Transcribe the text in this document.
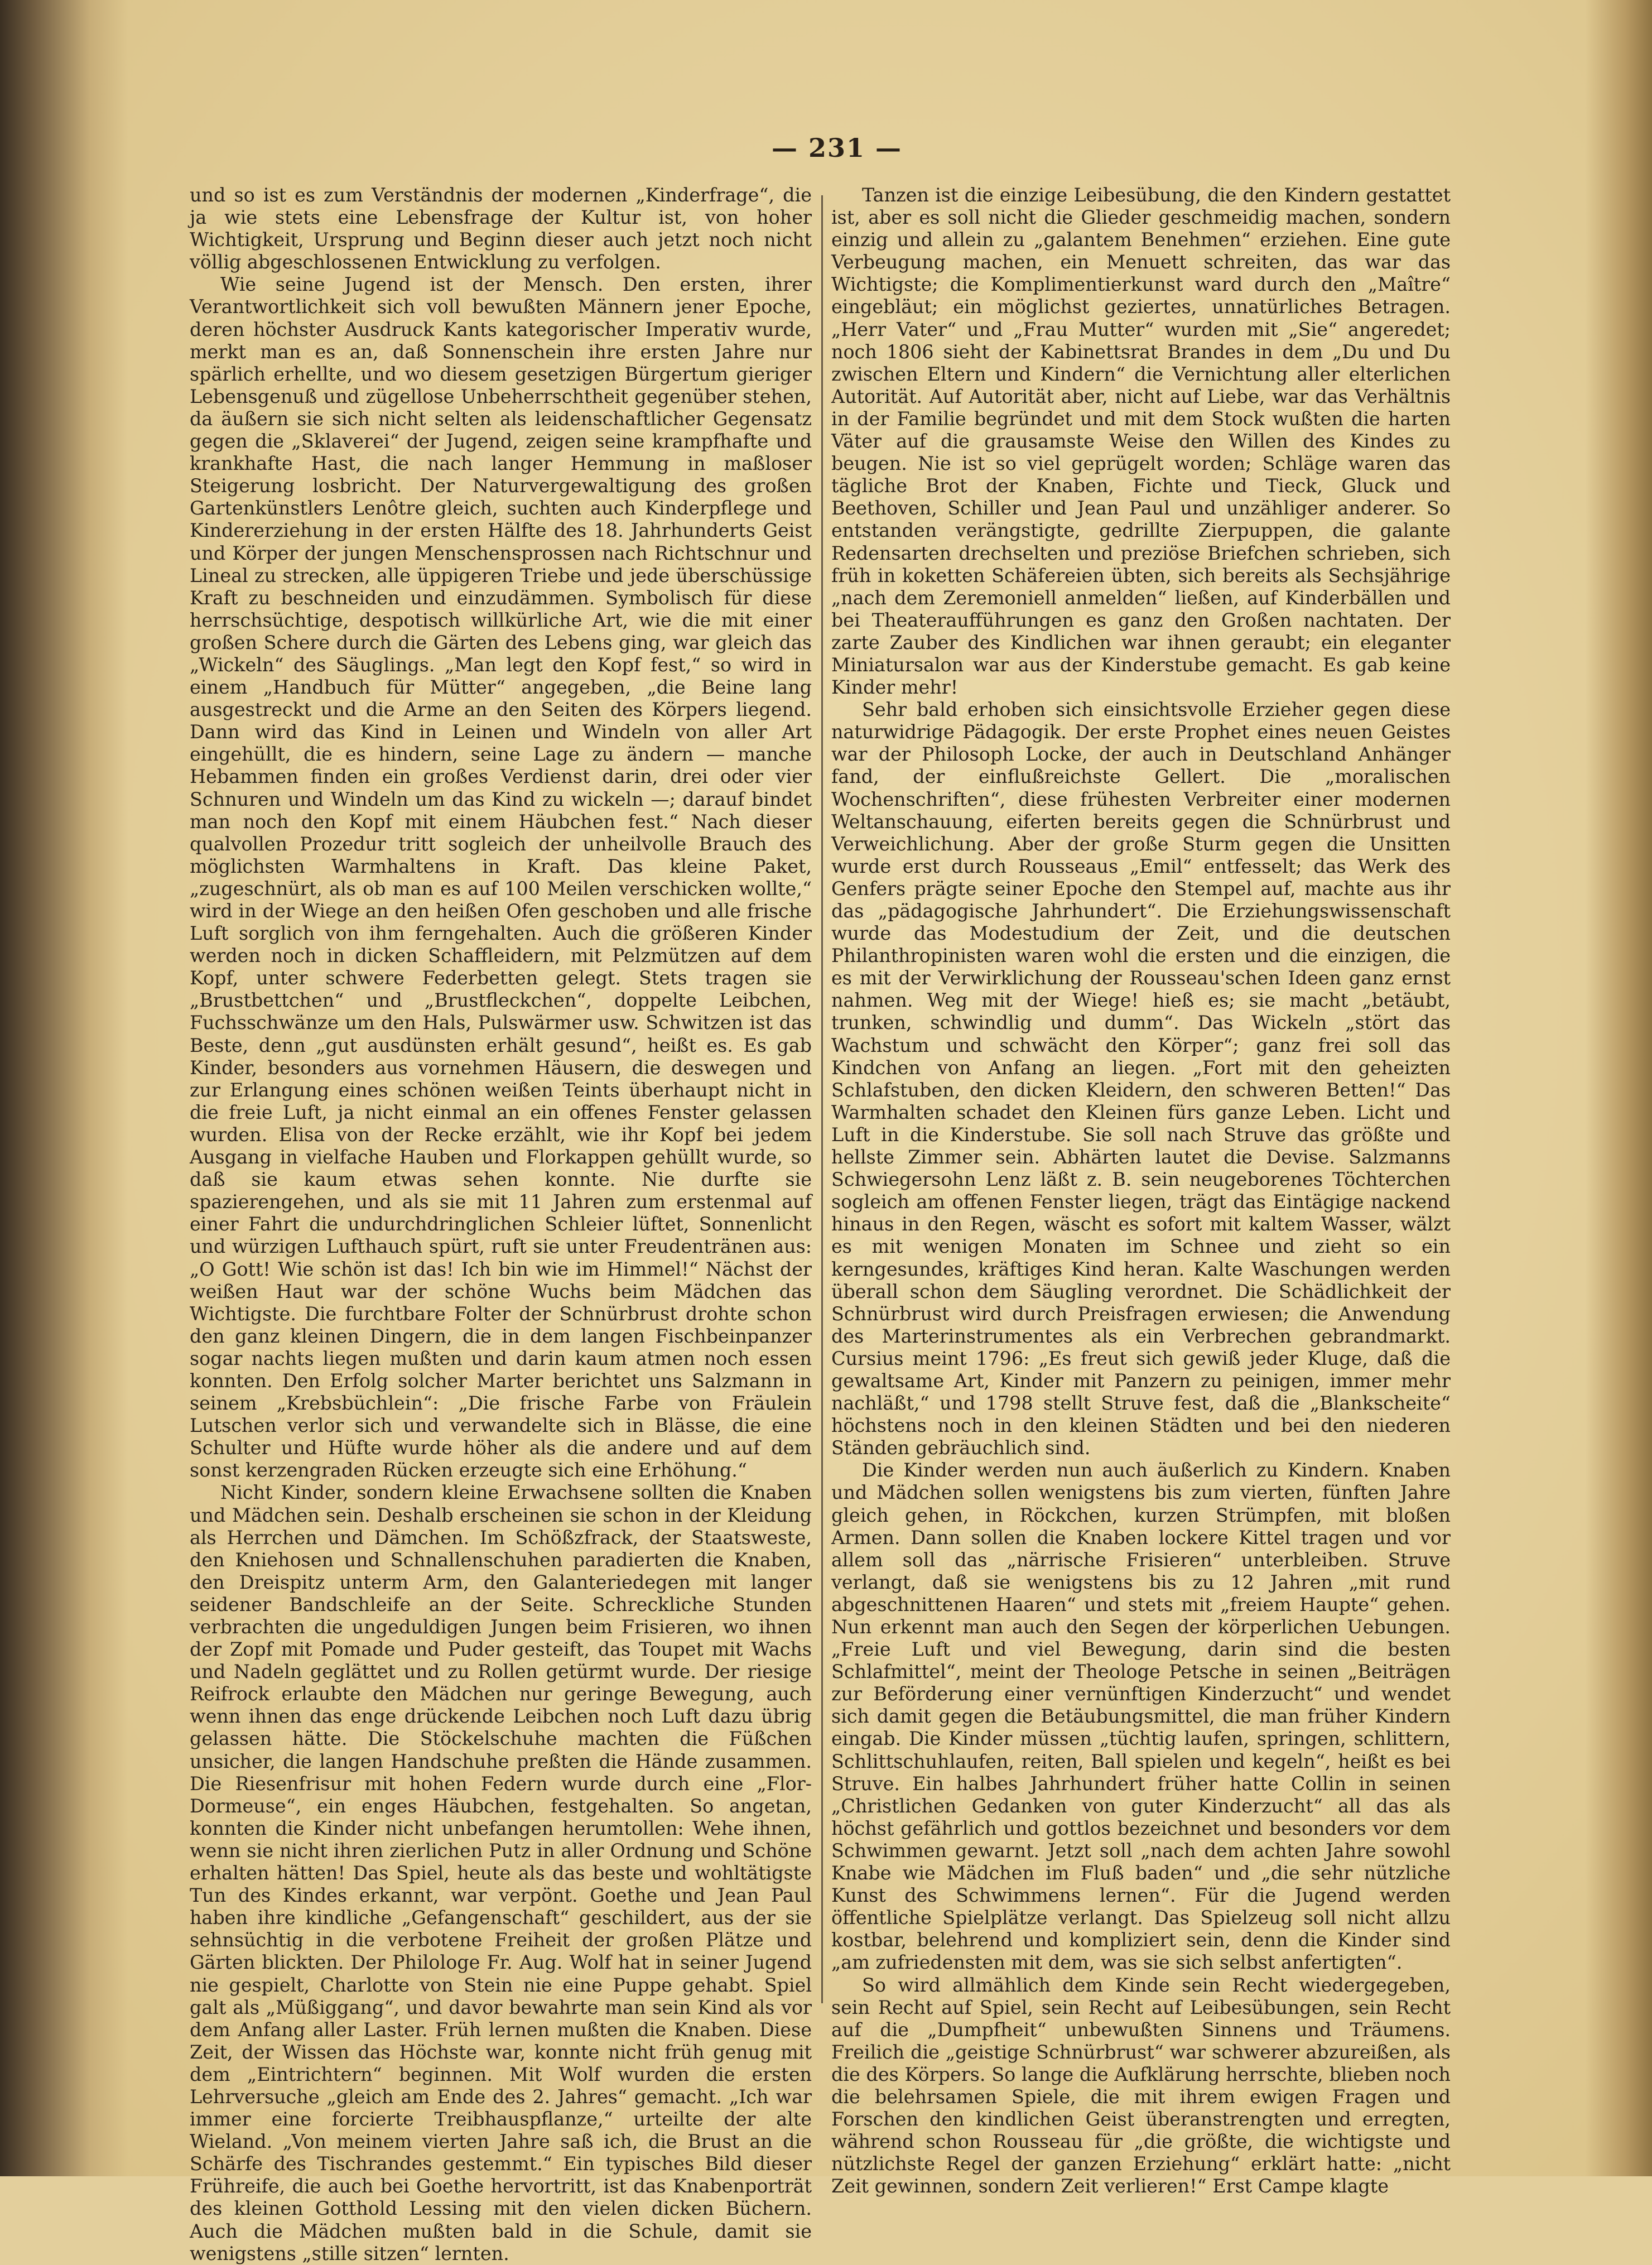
— 231 —

und so ist es zum Verständnis der modernen „Kinderfrage“, die ja wie stets eine Lebensfrage der Kultur ist, von hoher Wichtigkeit, Ursprung und Beginn dieser auch jetzt noch nicht völlig abgeschlossenen Entwicklung zu verfolgen.

Wie seine Jugend ist der Mensch. Den ersten, ihrer Verantwortlichkeit sich voll bewußten Männern jener Epoche, deren höchster Ausdruck Kants kategorischer Imperativ wurde, merkt man es an, daß Sonnenschein ihre ersten Jahre nur spärlich erhellte, und wo diesem gesetzigen Bürgertum gieriger Lebensgenuß und zügellose Unbeherrschtheit gegenüber stehen, da äußern sie sich nicht selten als leidenschaftlicher Gegensatz gegen die „Sklaverei“ der Jugend, zeigen seine krampfhafte und krankhafte Hast, die nach langer Hemmung in maßloser Steigerung losbricht. Der Naturvergewaltigung des großen Gartenkünstlers Lenôtre gleich, suchten auch Kinderpflege und Kindererziehung in der ersten Hälfte des 18. Jahrhunderts Geist und Körper der jungen Menschensprossen nach Richtschnur und Lineal zu strecken, alle üppigeren Triebe und jede überschüssige Kraft zu beschneiden und einzudämmen. Symbolisch für diese herrschsüchtige, despotisch willkürliche Art, wie die mit einer großen Schere durch die Gärten des Lebens ging, war gleich das „Wickeln“ des Säuglings. „Man legt den Kopf fest,“ so wird in einem „Handbuch für Mütter“ angegeben, „die Beine lang ausgestreckt und die Arme an den Seiten des Körpers liegend. Dann wird das Kind in Leinen und Windeln von aller Art eingehüllt, die es hindern, seine Lage zu ändern — manche Hebammen finden ein großes Verdienst darin, drei oder vier Schnuren und Windeln um das Kind zu wickeln —; darauf bindet man noch den Kopf mit einem Häubchen fest.“ Nach dieser qualvollen Prozedur tritt sogleich der unheilvolle Brauch des möglichsten Warmhaltens in Kraft. Das kleine Paket, „zugeschnürt, als ob man es auf 100 Meilen verschicken wollte,“ wird in der Wiege an den heißen Ofen geschoben und alle frische Luft sorglich von ihm ferngehalten. Auch die größeren Kinder werden noch in dicken Schaffleidern, mit Pelzmützen auf dem Kopf, unter schwere Federbetten gelegt. Stets tragen sie „Brustbettchen“ und „Brustfleckchen“, doppelte Leibchen, Fuchsschwänze um den Hals, Pulswärmer usw. Schwitzen ist das Beste, denn „gut ausdünsten erhält gesund“, heißt es. Es gab Kinder, besonders aus vornehmen Häusern, die deswegen und zur Erlangung eines schönen weißen Teints überhaupt nicht in die freie Luft, ja nicht einmal an ein offenes Fenster gelassen wurden. Elisa von der Recke erzählt, wie ihr Kopf bei jedem Ausgang in vielfache Hauben und Florkappen gehüllt wurde, so daß sie kaum etwas sehen konnte. Nie durfte sie spazierengehen, und als sie mit 11 Jahren zum erstenmal auf einer Fahrt die undurchdringlichen Schleier lüftet, Sonnenlicht und würzigen Lufthauch spürt, ruft sie unter Freudentränen aus: „O Gott! Wie schön ist das! Ich bin wie im Himmel!“ Nächst der weißen Haut war der schöne Wuchs beim Mädchen das Wichtigste. Die furchtbare Folter der Schnürbrust drohte schon den ganz kleinen Dingern, die in dem langen Fischbeinpanzer sogar nachts liegen mußten und darin kaum atmen noch essen konnten. Den Erfolg solcher Marter berichtet uns Salzmann in seinem „Krebsbüchlein“: „Die frische Farbe von Fräulein Lutschen verlor sich und verwandelte sich in Blässe, die eine Schulter und Hüfte wurde höher als die andere und auf dem sonst kerzengraden Rücken erzeugte sich eine Erhöhung.“

Nicht Kinder, sondern kleine Erwachsene sollten die Knaben und Mädchen sein. Deshalb erscheinen sie schon in der Kleidung als Herrchen und Dämchen. Im Schößzfrack, der Staatsweste, den Kniehosen und Schnallenschuhen paradierten die Knaben, den Dreispitz unterm Arm, den Galanteriedegen mit langer seidener Bandschleife an der Seite. Schreckliche Stunden verbrachten die ungeduldigen Jungen beim Frisieren, wo ihnen der Zopf mit Pomade und Puder gesteift, das Toupet mit Wachs und Nadeln geglättet und zu Rollen getürmt wurde. Der riesige Reifrock erlaubte den Mädchen nur geringe Bewegung, auch wenn ihnen das enge drückende Leibchen noch Luft dazu übrig gelassen hätte. Die Stöckelschuhe machten die Füßchen unsicher, die langen Handschuhe preßten die Hände zusammen. Die Riesenfrisur mit hohen Federn wurde durch eine „Flor-Dormeuse“, ein enges Häubchen, festgehalten. So angetan, konnten die Kinder nicht unbefangen herumtollen: Wehe ihnen, wenn sie nicht ihren zierlichen Putz in aller Ordnung und Schöne erhalten hätten! Das Spiel, heute als das beste und wohltätigste Tun des Kindes erkannt, war verpönt. Goethe und Jean Paul haben ihre kindliche „Gefangenschaft“ geschildert, aus der sie sehnsüchtig in die verbotene Freiheit der großen Plätze und Gärten blickten. Der Philologe Fr. Aug. Wolf hat in seiner Jugend nie gespielt, Charlotte von Stein nie eine Puppe gehabt. Spiel galt als „Müßiggang“, und davor bewahrte man sein Kind als vor dem Anfang aller Laster. Früh lernen mußten die Knaben. Diese Zeit, der Wissen das Höchste war, konnte nicht früh genug mit dem „Eintrichtern“ beginnen. Mit Wolf wurden die ersten Lehrversuche „gleich am Ende des 2. Jahres“ gemacht. „Ich war immer eine forcierte Treibhauspflanze,“ urteilte der alte Wieland. „Von meinem vierten Jahre saß ich, die Brust an die Schärfe des Tischrandes gestemmt.“ Ein typisches Bild dieser Frühreife, die auch bei Goethe hervortritt, ist das Knabenporträt des kleinen Gotthold Lessing mit den vielen dicken Büchern. Auch die Mädchen mußten bald in die Schule, damit sie wenigstens „stille sitzen“ lernten.

Tanzen ist die einzige Leibesübung, die den Kindern gestattet ist, aber es soll nicht die Glieder geschmeidig machen, sondern einzig und allein zu „galantem Benehmen“ erziehen. Eine gute Verbeugung machen, ein Menuett schreiten, das war das Wichtigste; die Komplimentierkunst ward durch den „Maître“ eingebläut; ein möglichst geziertes, unnatürliches Betragen. „Herr Vater“ und „Frau Mutter“ wurden mit „Sie“ angeredet; noch 1806 sieht der Kabinettsrat Brandes in dem „Du und Du zwischen Eltern und Kindern“ die Vernichtung aller elterlichen Autorität. Auf Autorität aber, nicht auf Liebe, war das Verhältnis in der Familie begründet und mit dem Stock wußten die harten Väter auf die grausamste Weise den Willen des Kindes zu beugen. Nie ist so viel geprügelt worden; Schläge waren das tägliche Brot der Knaben, Fichte und Tieck, Gluck und Beethoven, Schiller und Jean Paul und unzähliger anderer. So entstanden verängstigte, gedrillte Zierpuppen, die galante Redensarten drechselten und preziöse Briefchen schrieben, sich früh in koketten Schäfereien übten, sich bereits als Sechsjährige „nach dem Zeremoniell anmelden“ ließen, auf Kinderbällen und bei Theateraufführungen es ganz den Großen nachtaten. Der zarte Zauber des Kindlichen war ihnen geraubt; ein eleganter Miniatursalon war aus der Kinderstube gemacht. Es gab keine Kinder mehr!

Sehr bald erhoben sich einsichtsvolle Erzieher gegen diese naturwidrige Pädagogik. Der erste Prophet eines neuen Geistes war der Philosoph Locke, der auch in Deutschland Anhänger fand, der einflußreichste Gellert. Die „moralischen Wochenschriften“, diese frühesten Verbreiter einer modernen Weltanschauung, eiferten bereits gegen die Schnürbrust und Verweichlichung. Aber der große Sturm gegen die Unsitten wurde erst durch Rousseaus „Emil“ entfesselt; das Werk des Genfers prägte seiner Epoche den Stempel auf, machte aus ihr das „pädagogische Jahrhundert“. Die Erziehungswissenschaft wurde das Modestudium der Zeit, und die deutschen Philanthropinisten waren wohl die ersten und die einzigen, die es mit der Verwirklichung der Rousseau'schen Ideen ganz ernst nahmen. Weg mit der Wiege! hieß es; sie macht „betäubt, trunken, schwindlig und dumm“. Das Wickeln „stört das Wachstum und schwächt den Körper“; ganz frei soll das Kindchen von Anfang an liegen. „Fort mit den geheizten Schlafstuben, den dicken Kleidern, den schweren Betten!“ Das Warmhalten schadet den Kleinen fürs ganze Leben. Licht und Luft in die Kinderstube. Sie soll nach Struve das größte und hellste Zimmer sein. Abhärten lautet die Devise. Salzmanns Schwiegersohn Lenz läßt z. B. sein neugeborenes Töchterchen sogleich am offenen Fenster liegen, trägt das Eintägige nackend hinaus in den Regen, wäscht es sofort mit kaltem Wasser, wälzt es mit wenigen Monaten im Schnee und zieht so ein kerngesundes, kräftiges Kind heran. Kalte Waschungen werden überall schon dem Säugling verordnet. Die Schädlichkeit der Schnürbrust wird durch Preisfragen erwiesen; die Anwendung des Marterinstrumentes als ein Verbrechen gebrandmarkt. Cursius meint 1796: „Es freut sich gewiß jeder Kluge, daß die gewaltsame Art, Kinder mit Panzern zu peinigen, immer mehr nachläßt,“ und 1798 stellt Struve fest, daß die „Blankscheite“ höchstens noch in den kleinen Städten und bei den niederen Ständen gebräuchlich sind.

Die Kinder werden nun auch äußerlich zu Kindern. Knaben und Mädchen sollen wenigstens bis zum vierten, fünften Jahre gleich gehen, in Röckchen, kurzen Strümpfen, mit bloßen Armen. Dann sollen die Knaben lockere Kittel tragen und vor allem soll das „närrische Frisieren“ unterbleiben. Struve verlangt, daß sie wenigstens bis zu 12 Jahren „mit rund abgeschnittenen Haaren“ und stets mit „freiem Haupte“ gehen. Nun erkennt man auch den Segen der körperlichen Uebungen. „Freie Luft und viel Bewegung, darin sind die besten Schlafmittel“, meint der Theologe Petsche in seinen „Beiträgen zur Beförderung einer vernünftigen Kinderzucht“ und wendet sich damit gegen die Betäubungsmittel, die man früher Kindern eingab. Die Kinder müssen „tüchtig laufen, springen, schlittern, Schlittschuhlaufen, reiten, Ball spielen und kegeln“, heißt es bei Struve. Ein halbes Jahrhundert früher hatte Collin in seinen „Christlichen Gedanken von guter Kinderzucht“ all das als höchst gefährlich und gottlos bezeichnet und besonders vor dem Schwimmen gewarnt. Jetzt soll „nach dem achten Jahre sowohl Knabe wie Mädchen im Fluß baden“ und „die sehr nützliche Kunst des Schwimmens lernen“. Für die Jugend werden öffentliche Spielplätze verlangt. Das Spielzeug soll nicht allzu kostbar, belehrend und kompliziert sein, denn die Kinder sind „am zufriedensten mit dem, was sie sich selbst anfertigten“.

So wird allmählich dem Kinde sein Recht wiedergegeben, sein Recht auf Spiel, sein Recht auf Leibesübungen, sein Recht auf die „Dumpfheit“ unbewußten Sinnens und Träumens. Freilich die „geistige Schnürbrust“ war schwerer abzureißen, als die des Körpers. So lange die Aufklärung herrschte, blieben noch die belehrsamen Spiele, die mit ihrem ewigen Fragen und Forschen den kindlichen Geist überanstrengten und erregten, während schon Rousseau für „die größte, die wichtigste und nützlichste Regel der ganzen Erziehung“ erklärt hatte: „nicht Zeit gewinnen, sondern Zeit verlieren!“ Erst Campe klagte
